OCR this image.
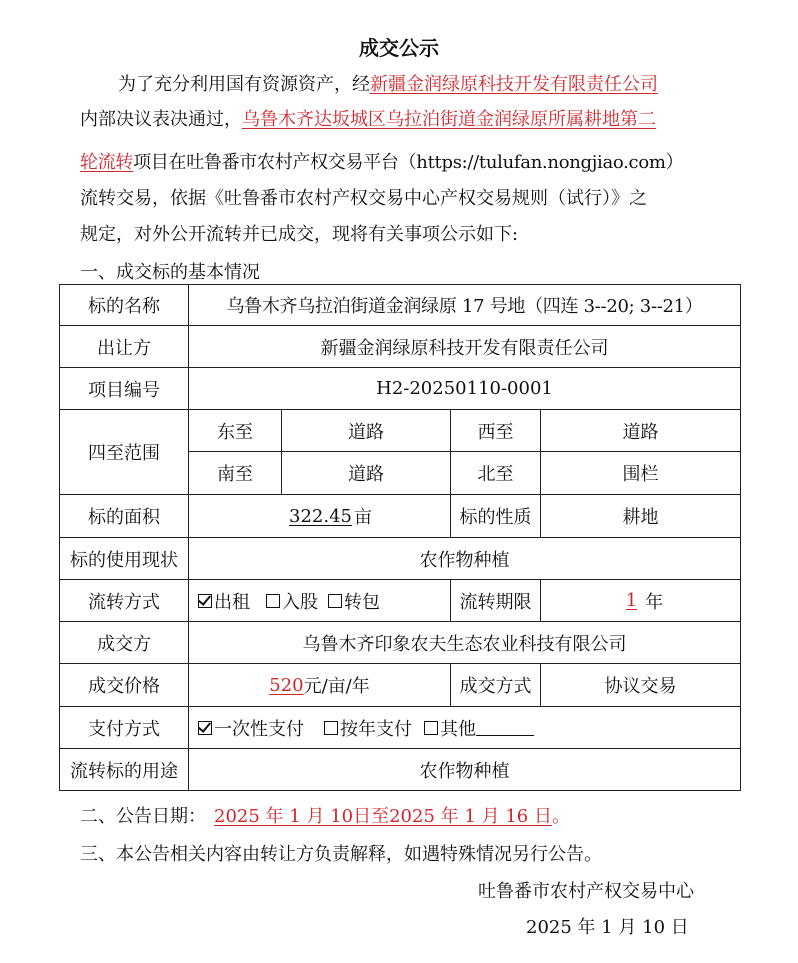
成交公示
为了充分利用国有资源资产，经新疆金润绿原科技开发有限责任公司
内部决议表决通过，乌鲁木齐达坂城区乌拉泊街道金润绿原所属耕地第二
轮流转项目在吐鲁番市农村产权交易平台（https://tulufan.nongjiao.com）
流转交易，依据《吐鲁番市农村产权交易中心产权交易规则（试行）》之
规定，对外公开流转并已成交，现将有关事项公示如下:
一、成交标的基本情况
标的名称	乌鲁木齐乌拉泊街道金润绿原 17 号地（四连 3--20; 3--21）
出让方	新疆金润绿原科技开发有限责任公司
项目编号	H2-20250110-0001
四至范围
东至	道路	西至	道路
南至	道路	北至	围栏
标的面积	322.45 亩	标的性质	耕地
标的使用现状	农作物种植
流转方式	出租 入股 转包	流转期限	1 年
成交方	乌鲁木齐印象农夫生态农业科技有限公司
成交价格	520 元/亩/年	成交方式	协议交易
支付方式	一次性支付 按年支付 其他
流转标的用途	农作物种植
二、公告日期： 2025 年 1 月 10日至2025 年 1 月 16 日。
三、本公告相关内容由转让方负责解释，如遇特殊情况另行公告。
吐鲁番市农村产权交易中心
2025 年 1 月 10 日
